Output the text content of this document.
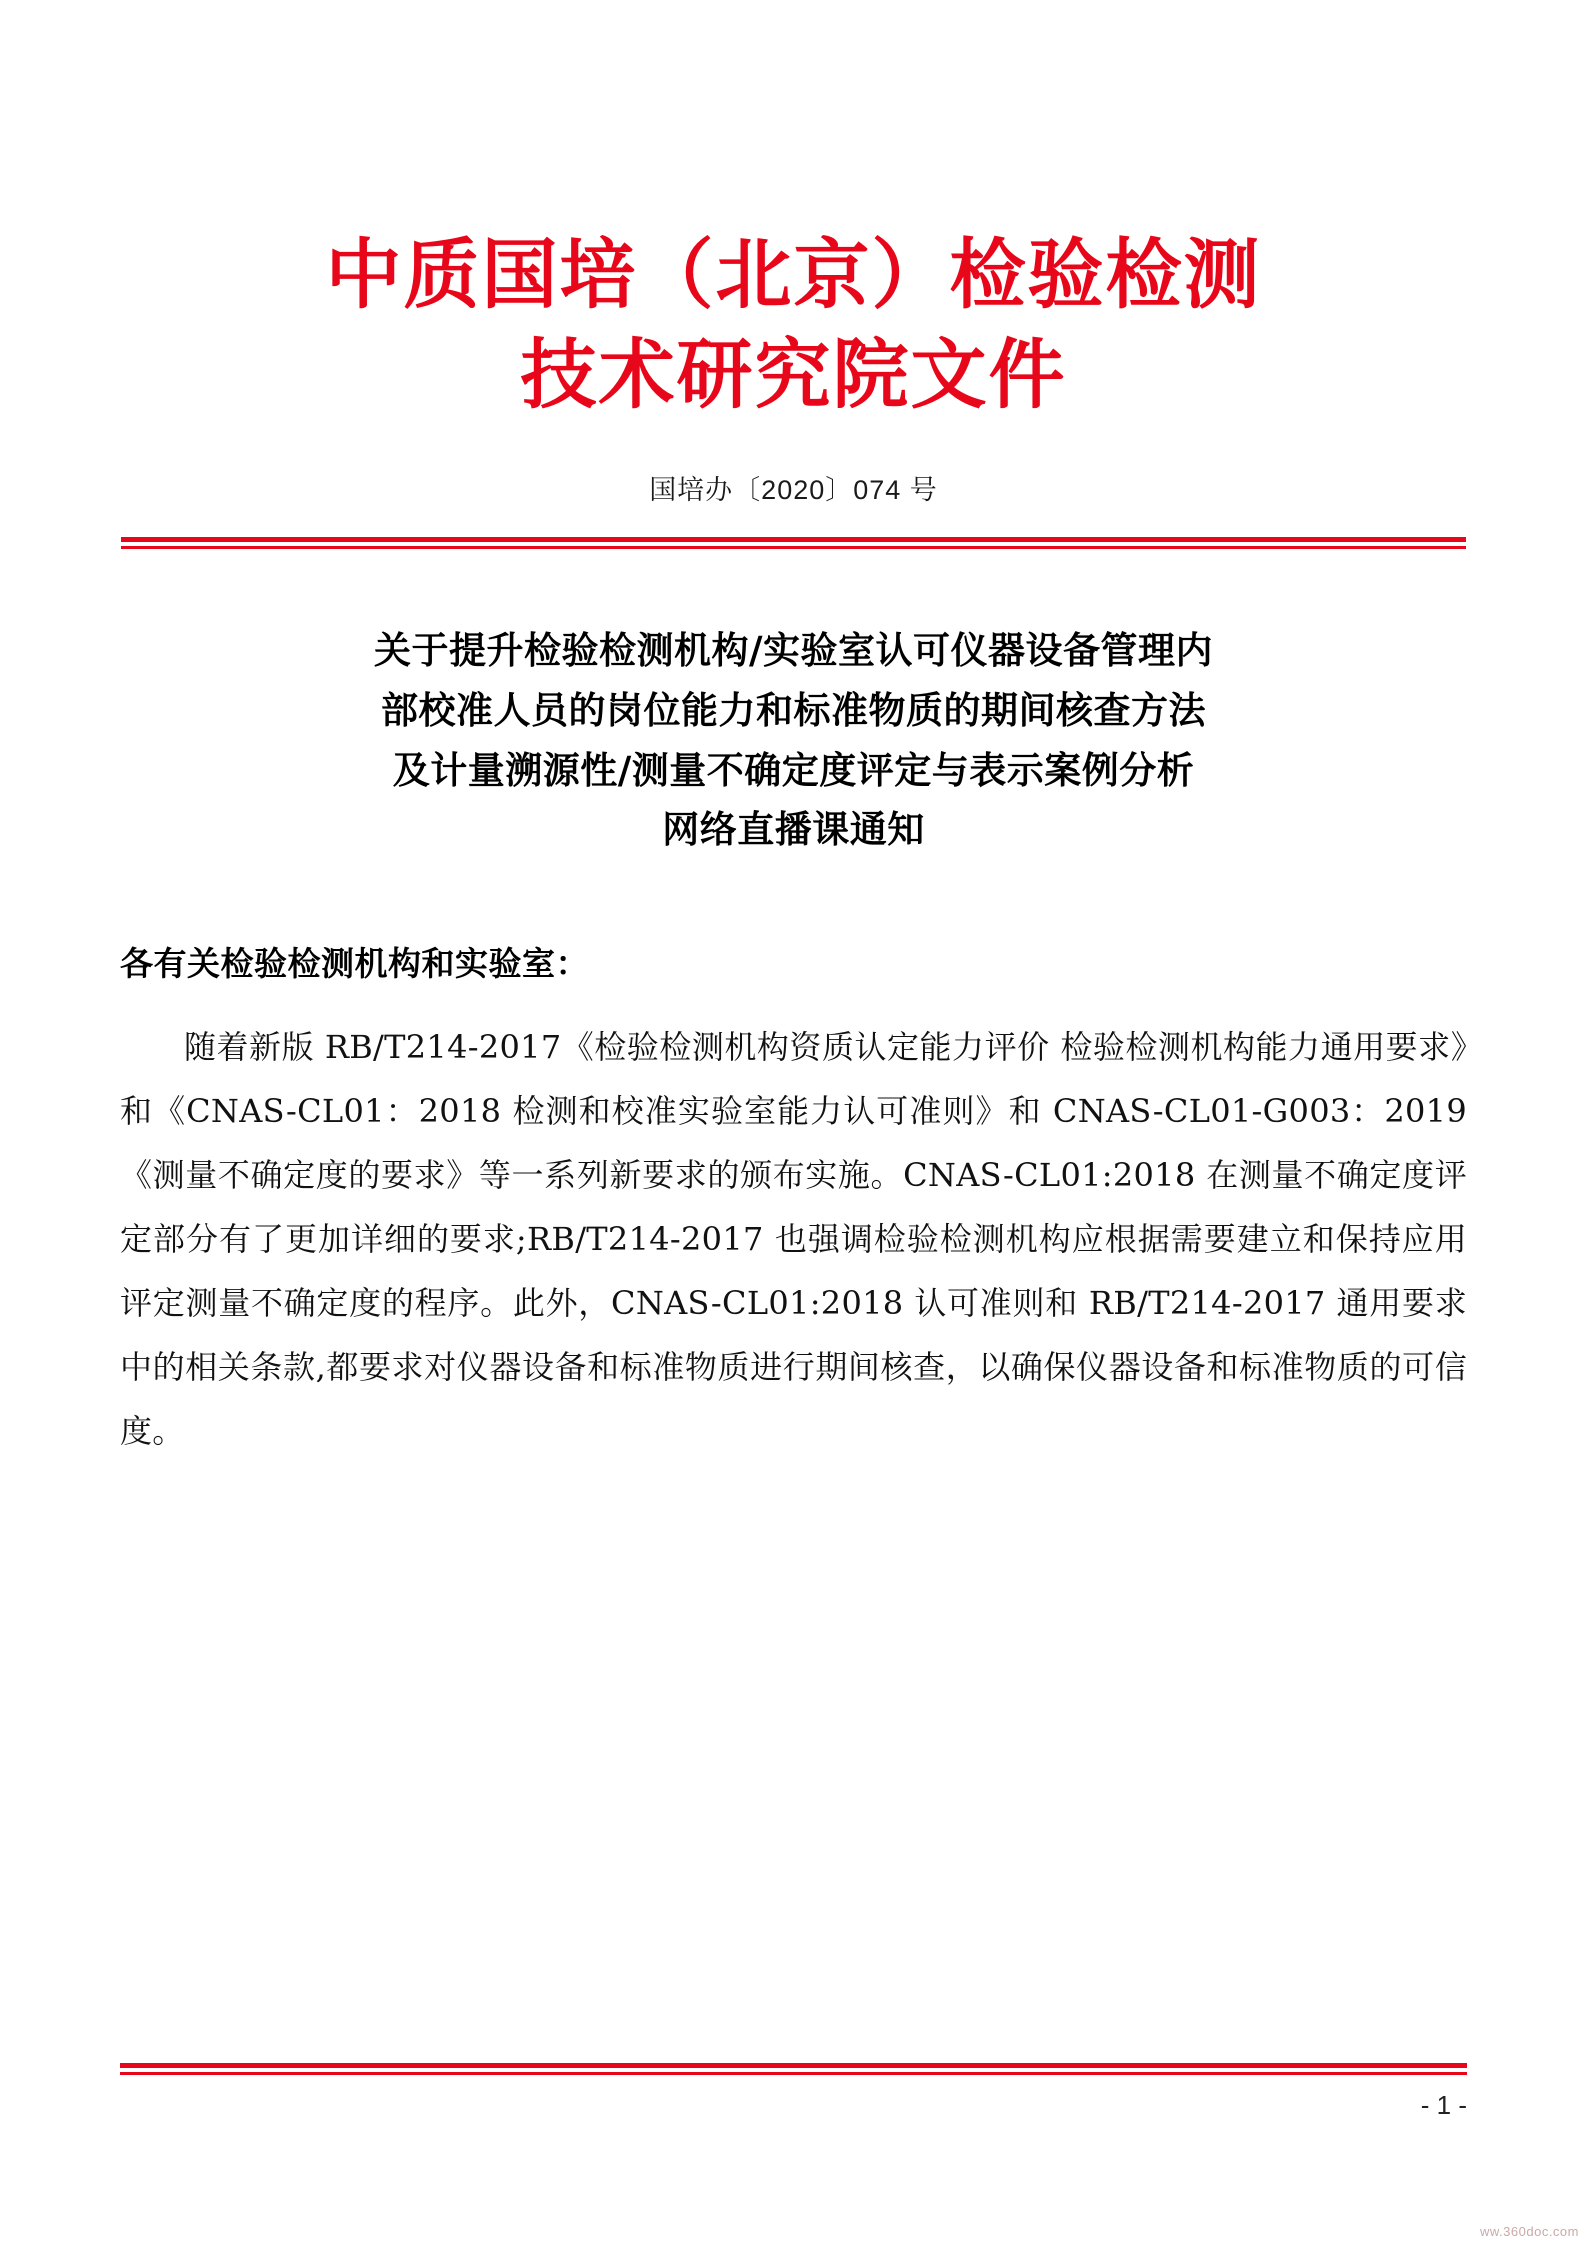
中质国培（北京）检验检测
技术研究院文件
国培办〔2020〕074 号
关于提升检验检测机构/实验室认可仪器设备管理内
部校准人员的岗位能力和标准物质的期间核查方法
及计量溯源性/测量不确定度评定与表示案例分析
网络直播课通知
各有关检验检测机构和实验室：
随着新版 RB/T214-2017《检验检测机构资质认定能力评价 检验检测机构能力通用要求》和《CNAS-CL01：2018 检测和校准实验室能力认可准则》和 CNAS-CL01-G003：2019 《测量不确定度的要求》等一系列新要求的颁布实施。CNAS-CL01:2018 在测量不确定度评定部分有了更加详细的要求;RB/T214-2017 也强调检验检测机构应根据需要建立和保持应用评定测量不确定度的程序。此外，CNAS-CL01:2018 认可准则和 RB/T214-2017 通用要求中的相关条款,都要求对仪器设备和标准物质进行期间核查，以确保仪器设备和标准物质的可信度。
- 1 -
ww.360doc.com
